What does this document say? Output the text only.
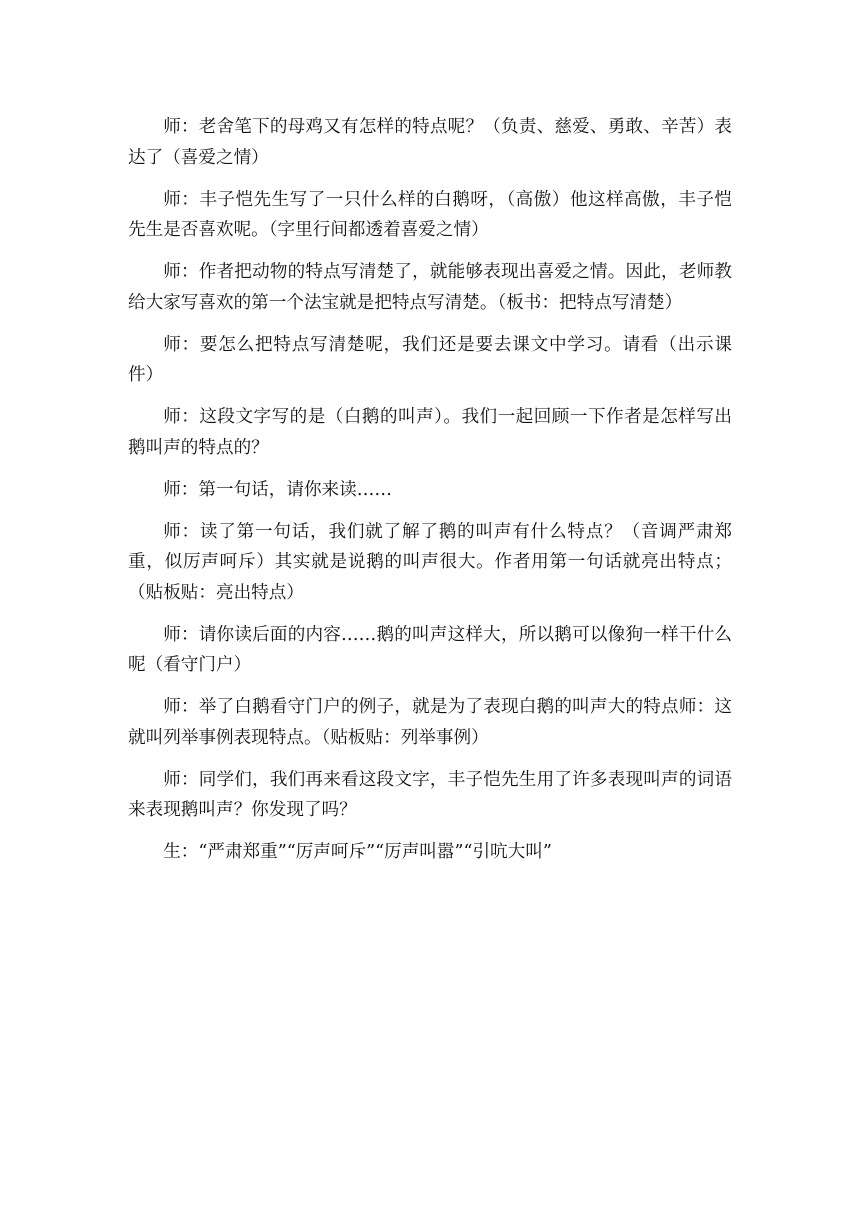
师：老舍笔下的母鸡又有怎样的特点呢？（负责、慈爱、勇敢、辛苦）表达了（喜爱之情）

师：丰子恺先生写了一只什么样的白鹅呀，（高傲）他这样高傲，丰子恺先生是否喜欢呢。（字里行间都透着喜爱之情）

师：作者把动物的特点写清楚了，就能够表现出喜爱之情。因此，老师教给大家写喜欢的第一个法宝就是把特点写清楚。（板书：把特点写清楚）

师：要怎么把特点写清楚呢，我们还是要去课文中学习。请看（出示课件）

师：这段文字写的是（白鹅的叫声）。我们一起回顾一下作者是怎样写出鹅叫声的特点的？

师：第一句话，请你来读……

师：读了第一句话，我们就了解了鹅的叫声有什么特点？（音调严肃郑重，似厉声呵斥）其实就是说鹅的叫声很大。作者用第一句话就亮出特点；（贴板贴：亮出特点）

师：请你读后面的内容……鹅的叫声这样大，所以鹅可以像狗一样干什么呢（看守门户）

师：举了白鹅看守门户的例子，就是为了表现白鹅的叫声大的特点师：这就叫列举事例表现特点。（贴板贴：列举事例）

师：同学们，我们再来看这段文字，丰子恺先生用了许多表现叫声的词语来表现鹅叫声？你发现了吗？

生：“严肃郑重”“厉声呵斥”“厉声叫嚣”“引吭大叫”
